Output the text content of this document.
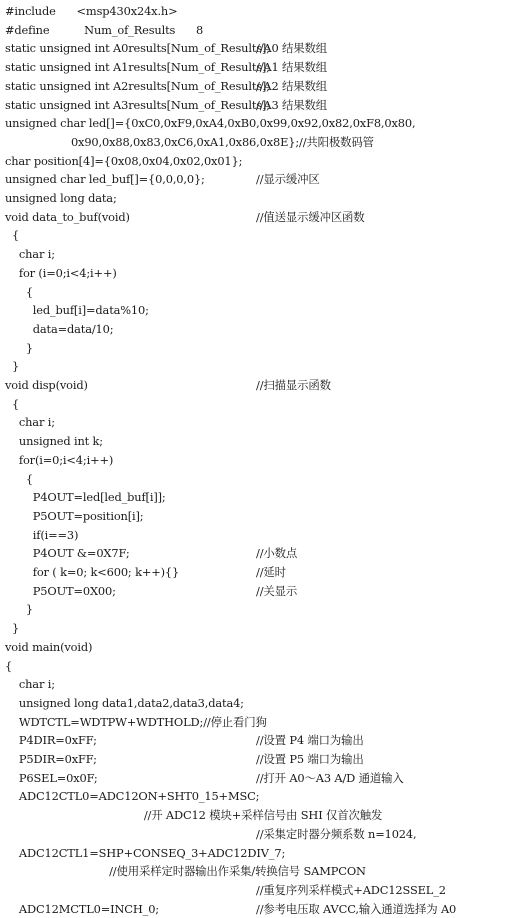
#include      <msp430x24x.h>
#define          Num_of_Results      8
static unsigned int A0results[Num_of_Results];
//A0 结果数组
static unsigned int A1results[Num_of_Results];
//A1 结果数组
static unsigned int A2results[Num_of_Results];
//A2 结果数组
static unsigned int A3results[Num_of_Results];
//A3 结果数组
unsigned char led[]={0xC0,0xF9,0xA4,0xB0,0x99,0x92,0x82,0xF8,0x80,
0x90,0x88,0x83,0xC6,0xA1,0x86,0x8E};//共阳极数码管
char position[4]={0x08,0x04,0x02,0x01};
unsigned char led_buf[]={0,0,0,0};	//显示缓冲区
unsigned long data;
void data_to_buf(void)	//值送显示缓冲区函数
{
char i;
for (i=0;i<4;i++)
{
led_buf[i]=data%10;
data=data/10;
}
}
void disp(void)	//扫描显示函数
{
char i;
unsigned int k;
for(i=0;i<4;i++)
{
P4OUT=led[led_buf[i]];
P5OUT=position[i];
if(i==3)
P4OUT &=0X7F;	//小数点
for ( k=0; k<600; k++){}	//延时
P5OUT=0X00;	//关显示
}
}
void main(void)
{
char i;
unsigned long data1,data2,data3,data4;
WDTCTL=WDTPW+WDTHOLD;//停止看门狗
P4DIR=0xFF;	//设置 P4 端口为输出
P5DIR=0xFF;	//设置 P5 端口为输出
P6SEL=0x0F;	//打开 A0～A3 A/D 通道输入
ADC12CTL0=ADC12ON+SHT0_15+MSC;
//开 ADC12 模块+采样信号由 SHI 仅首次触发
//采集定时器分频系数 n=1024,
ADC12CTL1=SHP+CONSEQ_3+ADC12DIV_7;
//使用采样定时器输出作采集/转换信号 SAMPCON
//重复序列采样模式+ADC12SSEL_2
ADC12MCTL0=INCH_0;	//参考电压取 AVCC,输入通道选择为 A0
